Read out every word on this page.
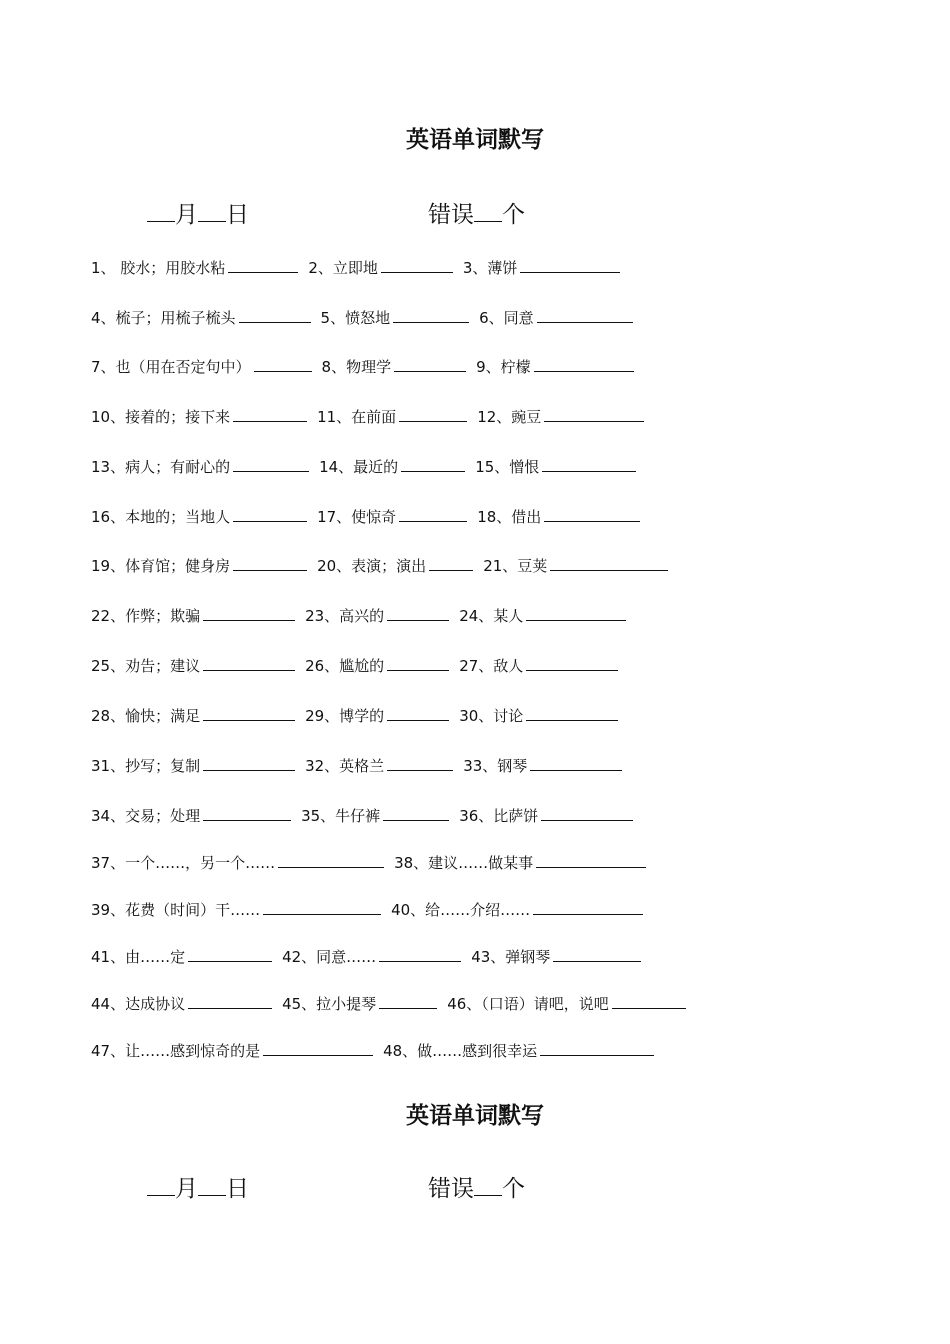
英语单词默写
月 日	错误 个
1、 胶水；用胶水粘	2、立即地	3、薄饼
4、梳子；用梳子梳头	5、愤怒地	6、同意
7、也（用在否定句中）	8、物理学	9、柠檬
10、接着的；接下来	11、在前面	12、豌豆
13、病人；有耐心的	14、最近的	15、憎恨
16、本地的；当地人	17、使惊奇	18、借出
19、体育馆；健身房	20、表演；演出	21、豆荚
22、作弊；欺骗	23、高兴的	24、某人
25、劝告；建议	26、尴尬的	27、敌人
28、愉快；满足	29、博学的	30、讨论
31、抄写；复制	32、英格兰	33、钢琴
34、交易；处理	35、牛仔裤	36、比萨饼
37、一个……，另一个……	38、建议……做某事
39、花费（时间）干……	40、给……介绍……
41、由……定	42、同意……	43、弹钢琴
44、达成协议	45、拉小提琴	46、（口语）请吧，说吧
47、让……感到惊奇的是	48、做……感到很幸运
英语单词默写
月 日	错误 个
